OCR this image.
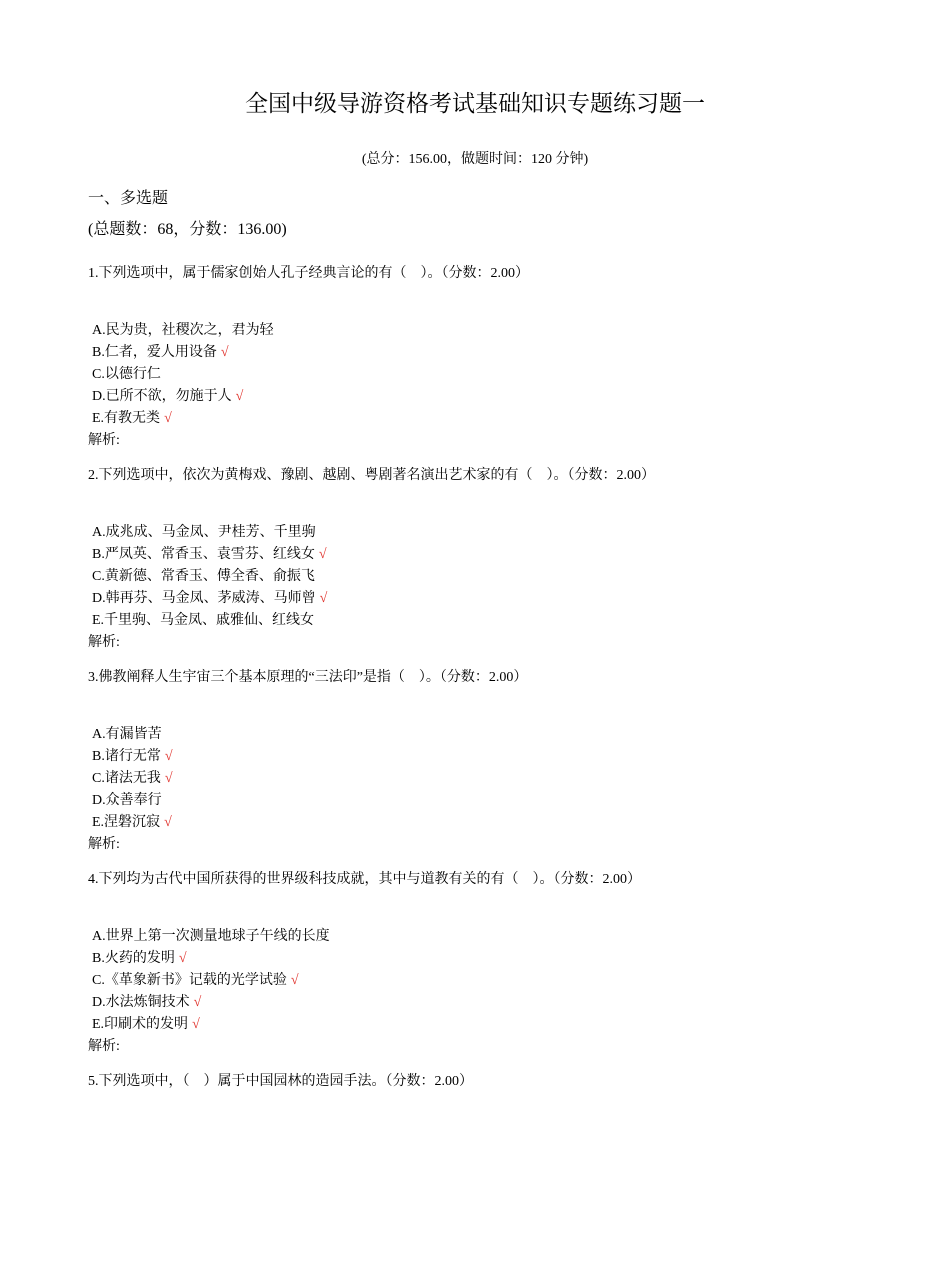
全国中级导游资格考试基础知识专题练习题一
(总分：156.00，做题时间：120 分钟)
一、多选题
(总题数：68，分数：136.00)
1.下列选项中，属于儒家创始人孔子经典言论的有（　）。（分数：2.00）
A.民为贵，社稷次之，君为轻
B.仁者，爱人用设备 √
C.以德行仁
D.已所不欲，勿施于人 √
E.有教无类 √
解析:
2.下列选项中，依次为黄梅戏、豫剧、越剧、粤剧著名演出艺术家的有（　）。（分数：2.00）
A.成兆成、马金凤、尹桂芳、千里驹
B.严凤英、常香玉、袁雪芬、红线女 √
C.黄新德、常香玉、傅全香、俞振飞
D.韩再芬、马金凤、茅威涛、马师曾 √
E.千里驹、马金凤、戚雅仙、红线女
解析:
3.佛教阐释人生宇宙三个基本原理的“三法印”是指（　）。（分数：2.00）
A.有漏皆苦
B.诸行无常 √
C.诸法无我 √
D.众善奉行
E.涅磐沉寂 √
解析:
4.下列均为古代中国所获得的世界级科技成就，其中与道教有关的有（　）。（分数：2.00）
A.世界上第一次测量地球子午线的长度
B.火药的发明 √
C.《革象新书》记载的光学试验 √
D.水法炼铜技术 √
E.印刷术的发明 √
解析:
5.下列选项中，（　）属于中国园林的造园手法。（分数：2.00）
